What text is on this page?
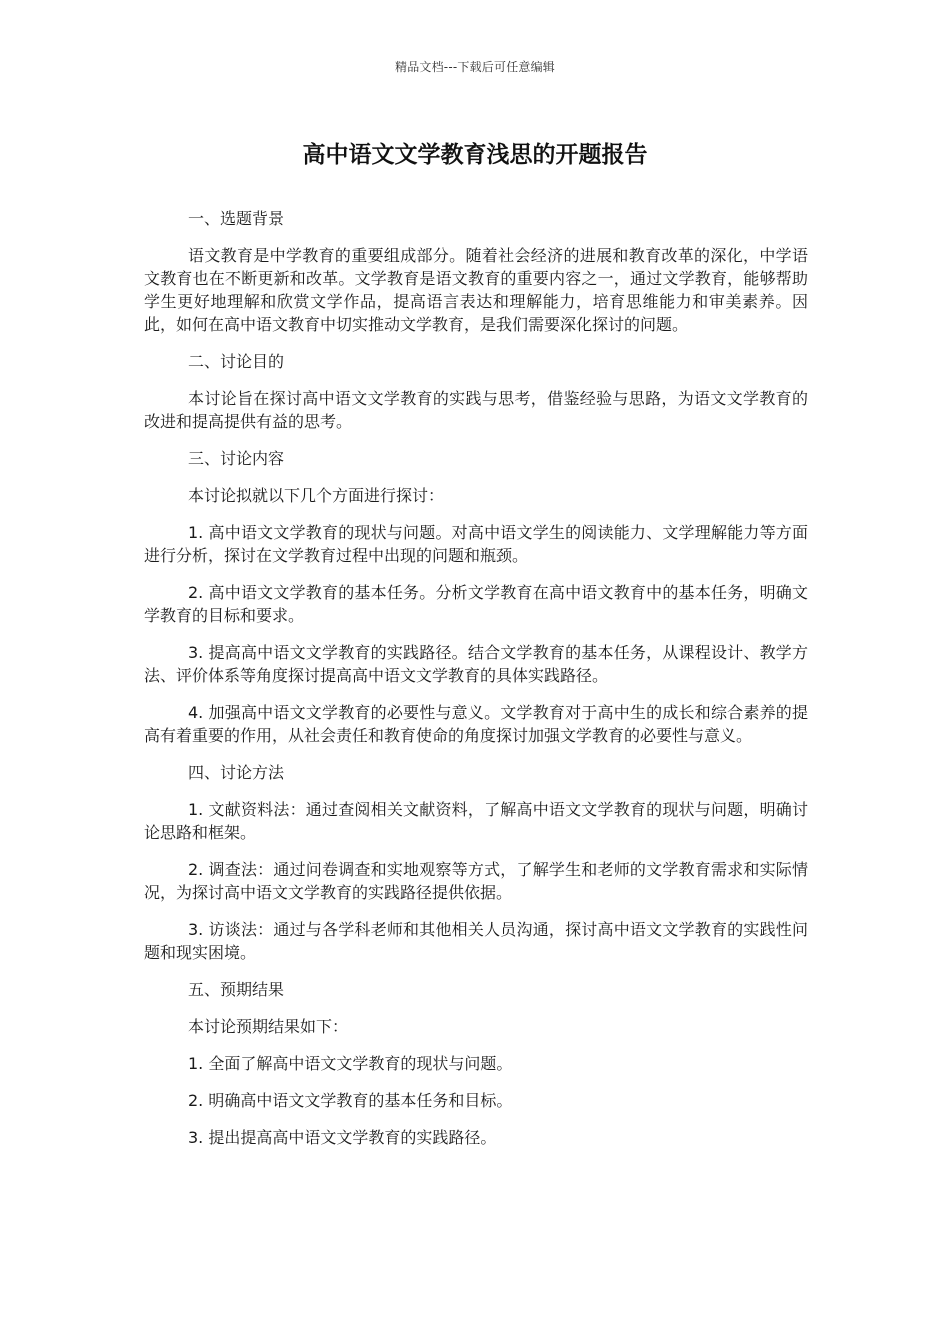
精品文档---下载后可任意编辑
高中语文文学教育浅思的开题报告

一、选题背景

语文教育是中学教育的重要组成部分。随着社会经济的进展和教育改革的深化，中学语文教育也在不断更新和改革。文学教育是语文教育的重要内容之一，通过文学教育，能够帮助学生更好地理解和欣赏文学作品，提高语言表达和理解能力，培育思维能力和审美素养。因此，如何在高中语文教育中切实推动文学教育，是我们需要深化探讨的问题。

二、讨论目的

本讨论旨在探讨高中语文文学教育的实践与思考，借鉴经验与思路，为语文文学教育的改进和提高提供有益的思考。

三、讨论内容

本讨论拟就以下几个方面进行探讨：

1. 高中语文文学教育的现状与问题。对高中语文学生的阅读能力、文学理解能力等方面进行分析，探讨在文学教育过程中出现的问题和瓶颈。

2. 高中语文文学教育的基本任务。分析文学教育在高中语文教育中的基本任务，明确文学教育的目标和要求。

3. 提高高中语文文学教育的实践路径。结合文学教育的基本任务，从课程设计、教学方法、评价体系等角度探讨提高高中语文文学教育的具体实践路径。

4. 加强高中语文文学教育的必要性与意义。文学教育对于高中生的成长和综合素养的提高有着重要的作用，从社会责任和教育使命的角度探讨加强文学教育的必要性与意义。

四、讨论方法

1. 文献资料法：通过查阅相关文献资料，了解高中语文文学教育的现状与问题，明确讨论思路和框架。

2. 调查法：通过问卷调查和实地观察等方式，了解学生和老师的文学教育需求和实际情况，为探讨高中语文文学教育的实践路径提供依据。

3. 访谈法：通过与各学科老师和其他相关人员沟通，探讨高中语文文学教育的实践性问题和现实困境。

五、预期结果

本讨论预期结果如下：

1. 全面了解高中语文文学教育的现状与问题。

2. 明确高中语文文学教育的基本任务和目标。

3. 提出提高高中语文文学教育的实践路径。
